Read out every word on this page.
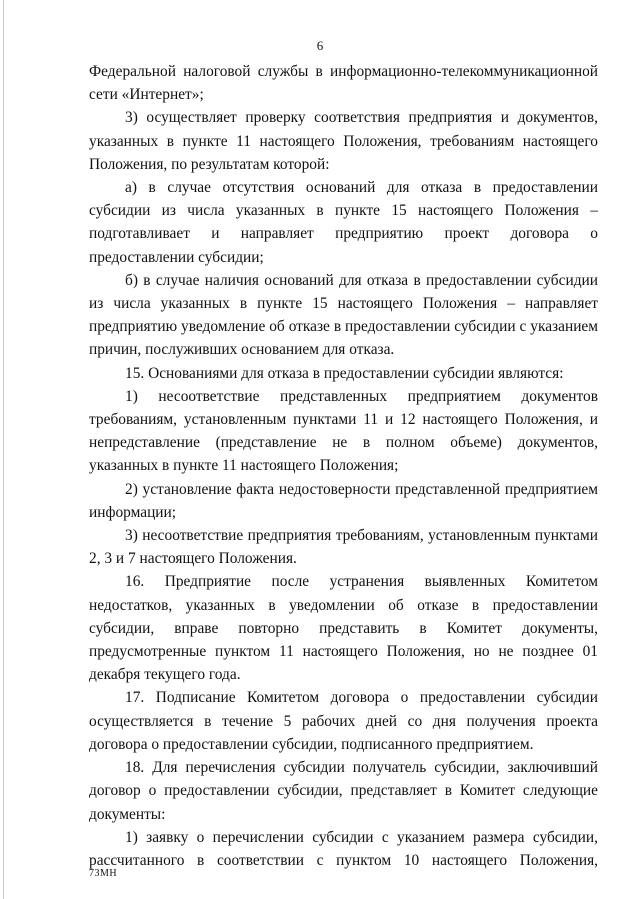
6

Федеральной налоговой службы в информационно-телекоммуникационной сети «Интернет»;

3) осуществляет проверку соответствия предприятия и документов, указанных в пункте 11 настоящего Положения, требованиям настоящего Положения, по результатам которой:

а) в случае отсутствия оснований для отказа в предоставлении субсидии из числа указанных в пункте 15 настоящего Положения – подготавливает и направляет предприятию проект договора о предоставлении субсидии;

б) в случае наличия оснований для отказа в предоставлении субсидии из числа указанных в пункте 15 настоящего Положения – направляет предприятию уведомление об отказе в предоставлении субсидии с указанием причин, послуживших основанием для отказа.

15. Основаниями для отказа в предоставлении субсидии являются:

1) несоответствие представленных предприятием документов требованиям, установленным пунктами 11 и 12 настоящего Положения, и непредставление (представление не в полном объеме) документов, указанных в пункте 11 настоящего Положения;

2) установление факта недостоверности представленной предприятием информации;

3) несоответствие предприятия требованиям, установленным пунктами 2, 3 и 7 настоящего Положения.

16. Предприятие после устранения выявленных Комитетом недостатков, указанных в уведомлении об отказе в предоставлении субсидии, вправе повторно представить в Комитет документы, предусмотренные пунктом 11 настоящего Положения, но не позднее 01 декабря текущего года.

17. Подписание Комитетом договора о предоставлении субсидии осуществляется в течение 5 рабочих дней со дня получения проекта договора о предоставлении субсидии, подписанного предприятием.

18. Для перечисления субсидии получатель субсидии, заключивший договор о предоставлении субсидии, представляет в Комитет следующие документы:

1) заявку о перечислении субсидии с указанием размера субсидии, рассчитанного в соответствии с пунктом 10 настоящего Положения,

73МН
